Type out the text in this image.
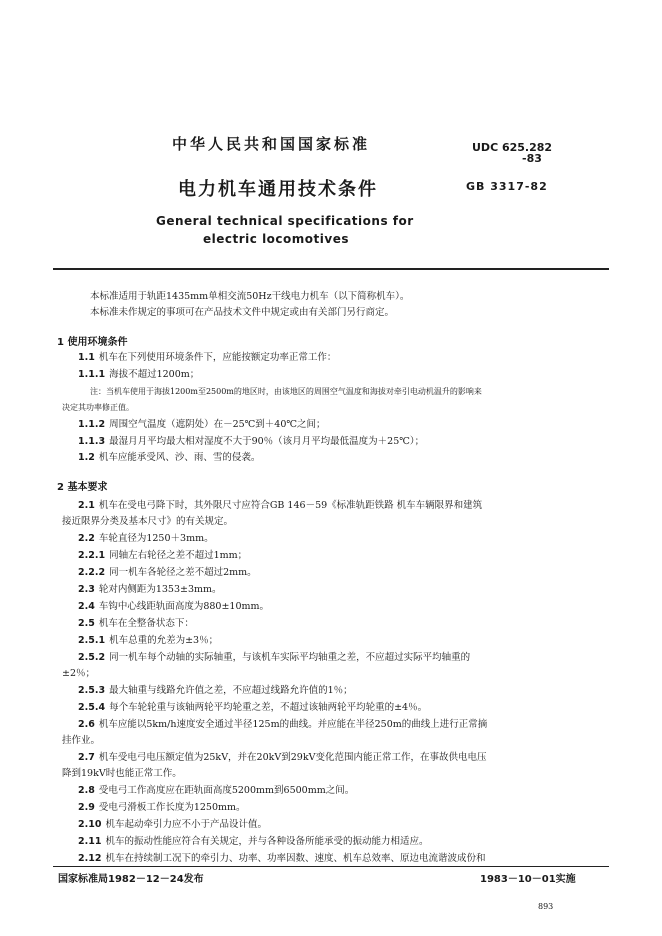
中华人民共和国国家标准	UDC 625.282
-83
电力机车通用技术条件	GB 3317-82
General technical specifications for
electric locomotives
本标准适用于轨距1435mm单相交流50Hz干线电力机车（以下简称机车）。
本标准未作规定的事项可在产品技术文件中规定或由有关部门另行商定。
1 使用环境条件
1.1 机车在下列使用环境条件下，应能按额定功率正常工作：
1.1.1 海拔不超过1200m；
注：当机车使用于海拔1200m至2500m的地区时，由该地区的周围空气温度和海拔对牵引电动机温升的影响来
决定其功率修正值。
1.1.2 周围空气温度（遮阴处）在－25℃到＋40℃之间；
1.1.3 最湿月月平均最大相对湿度不大于90％（该月月平均最低温度为＋25℃）；
1.2 机车应能承受风、沙、雨、雪的侵袭。
2 基本要求
2.1 机车在受电弓降下时，其外限尺寸应符合GB 146－59《标准轨距铁路 机车车辆限界和建筑
接近限界分类及基本尺寸》的有关规定。
2.2 车轮直径为1250＋3mm。
2.2.1 同轴左右轮径之差不超过1mm；
2.2.2 同一机车各轮径之差不超过2mm。
2.3 轮对内侧距为1353±3mm。
2.4 车钩中心线距轨面高度为880±10mm。
2.5 机车在全整备状态下：
2.5.1 机车总重的允差为±3％；
2.5.2 同一机车每个动轴的实际轴重，与该机车实际平均轴重之差，不应超过实际平均轴重的
±2％；
2.5.3 最大轴重与线路允许值之差，不应超过线路允许值的1％；
2.5.4 每个车轮轮重与该轴两轮平均轮重之差，不超过该轴两轮平均轮重的±4％。
2.6 机车应能以5km/h速度安全通过半径125m的曲线。并应能在半径250m的曲线上进行正常摘
挂作业。
2.7 机车受电弓电压额定值为25kV，并在20kV到29kV变化范围内能正常工作，在事故供电电压
降到19kV时也能正常工作。
2.8 受电弓工作高度应在距轨面高度5200mm到6500mm之间。
2.9 受电弓滑板工作长度为1250mm。
2.10 机车起动牵引力应不小于产品设计值。
2.11 机车的振动性能应符合有关规定，并与各种设备所能承受的振动能力相适应。
2.12 机车在持续制工况下的牵引力、功率、功率因数、速度、机车总效率、原边电流谐波成份和
国家标准局1982－12－24发布	1983－10－01实施
893
